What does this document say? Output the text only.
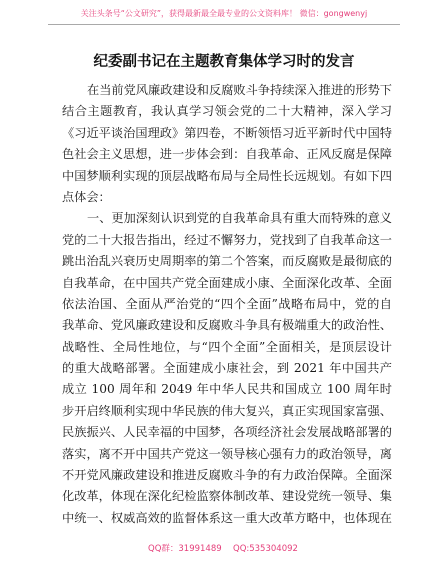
关注头条号“公文研究”，获得最新最全最专业的公文资料库！ 微信：gongwenyj
纪委副书记在主题教育集体学习时的发言
在当前党风廉政建设和反腐败斗争持续深入推进的形势下
结合主题教育，我认真学习领会党的二十大精神，深入学习
《习近平谈治国理政》第四卷，不断领悟习近平新时代中国特
色社会主义思想，进一步体会到：自我革命、正风反腐是保障
中国梦顺利实现的顶层战略布局与全局性长远规划。有如下四
点体会：
一、更加深刻认识到党的自我革命具有重大而特殊的意义
党的二十大报告指出，经过不懈努力，党找到了自我革命这一
跳出治乱兴衰历史周期率的第二个答案，而反腐败是最彻底的
自我革命，在中国共产党全面建成小康、全面深化改革、全面
依法治国、全面从严治党的“四个全面”战略布局中，党的自
我革命、党风廉政建设和反腐败斗争具有极端重大的政治性、
战略性、全局性地位，与“四个全面”全面相关，是顶层设计
的重大战略部署。全面建成小康社会，到 2021 年中国共产
成立 100 周年和 2049 年中华人民共和国成立 100 周年时
步开启终顺利实现中华民族的伟大复兴，真正实现国家富强、
民族振兴、人民幸福的中国梦，各项经济社会发展战略部署的
落实，离不开中国共产党这一领导核心强有力的政治领导，离
不开党风廉政建设和推进反腐败斗争的有力政治保障。全面深
化改革，体现在深化纪检监察体制改革、建设党统一领导、集
中统一、权威高效的监督体系这一重大改革方略中，也体现在
QQ群：31991489 QQ:535304092
